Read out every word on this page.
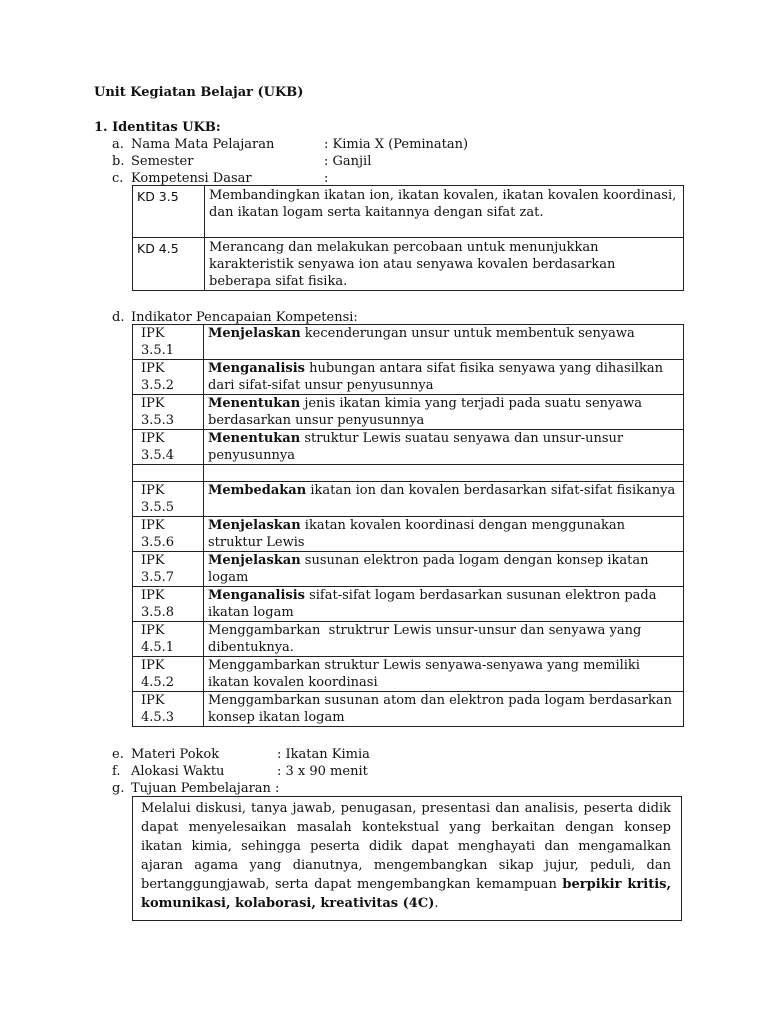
Unit Kegiatan Belajar (UKB)
1. Identitas UKB:
a. Nama Mata Pelajaran	: Kimia X (Peminatan)
b. Semester	: Ganjil
c. Kompetensi Dasar	:
KD 3.5	Membandingkan ikatan ion, ikatan kovalen, ikatan kovalen koordinasi, dan ikatan logam serta kaitannya dengan sifat zat.
KD 4.5	Merancang dan melakukan percobaan untuk menunjukkan karakteristik senyawa ion atau senyawa kovalen berdasarkan beberapa sifat fisika.
d. Indikator Pencapaian Kompetensi:
IPK 3.5.1	Menjelaskan kecenderungan unsur untuk membentuk senyawa
IPK 3.5.2	Menganalisis hubungan antara sifat fisika senyawa yang dihasilkan dari sifat-sifat unsur penyusunnya
IPK 3.5.3	Menentukan jenis ikatan kimia yang terjadi pada suatu senyawa berdasarkan unsur penyusunnya
IPK 3.5.4	Menentukan struktur Lewis suatau senyawa dan unsur-unsur penyusunnya

IPK 3.5.5	Membedakan ikatan ion dan kovalen berdasarkan sifat-sifat fisikanya
IPK 3.5.6	Menjelaskan ikatan kovalen koordinasi dengan menggunakan struktur Lewis
IPK 3.5.7	Menjelaskan susunan elektron pada logam dengan konsep ikatan logam
IPK 3.5.8	Menganalisis sifat-sifat logam berdasarkan susunan elektron pada ikatan logam
IPK 4.5.1	Menggambarkan  struktrur Lewis unsur-unsur dan senyawa yang dibentuknya.
IPK 4.5.2	Menggambarkan struktur Lewis senyawa-senyawa yang memiliki ikatan kovalen koordinasi
IPK 4.5.3	Menggambarkan susunan atom dan elektron pada logam berdasarkan konsep ikatan logam
e. Materi Pokok	: Ikatan Kimia
f. Alokasi Waktu	: 3 x 90 menit
g. Tujuan Pembelajaran :
Melalui diskusi, tanya jawab, penugasan, presentasi dan analisis, peserta didik dapat menyelesaikan masalah kontekstual yang berkaitan dengan konsep ikatan kimia, sehingga peserta didik dapat menghayati dan mengamalkan ajaran agama yang dianutnya, mengembangkan sikap jujur, peduli, dan bertanggungjawab, serta dapat mengembangkan kemampuan berpikir kritis, komunikasi, kolaborasi, kreativitas (4C).
